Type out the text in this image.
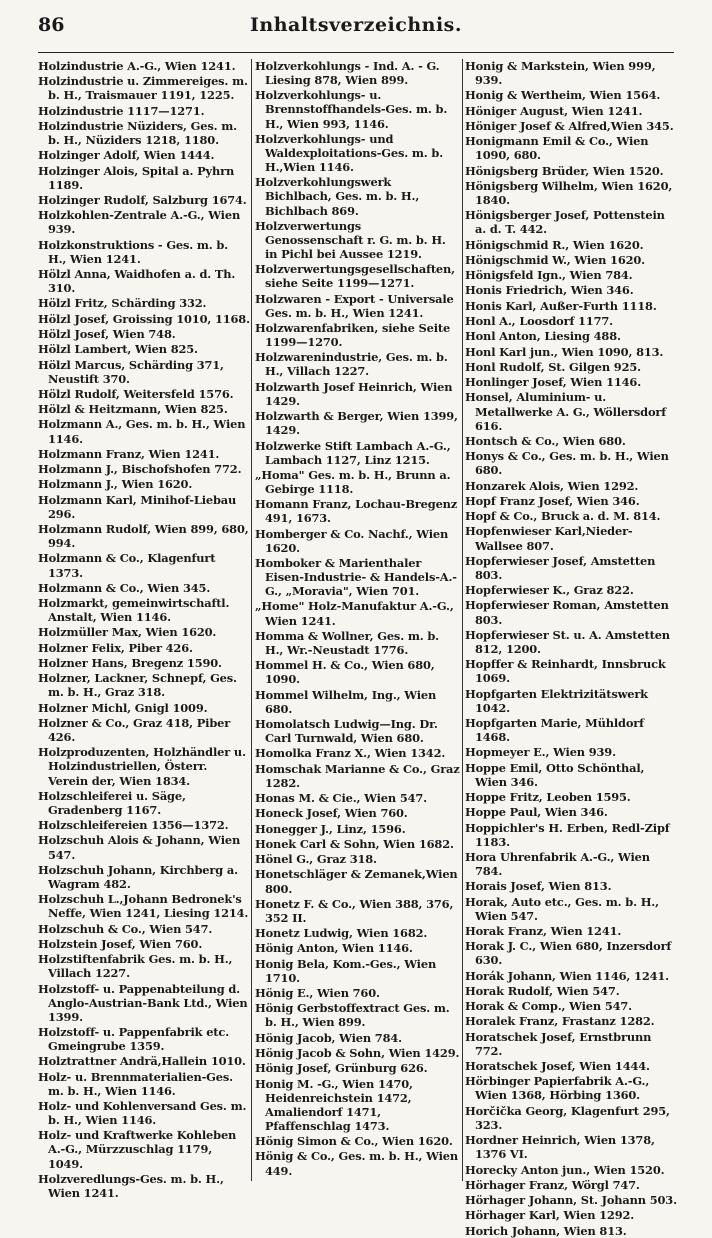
86	Inhaltsverzeichnis.
Holzindustrie A.-G., Wien 1241.
Holzindustrie u. Zimmereiges. m. b. H., Traismauer 1191, 1225.
Holzindustrie 1117—1271.
Holzindustrie Nüziders, Ges. m. b. H., Nüziders 1218, 1180.
Holzinger Adolf, Wien 1444.
Holzinger Alois, Spital a. Pyhrn 1189.
Holzinger Rudolf, Salzburg 1674.
Holzkohlen-Zentrale A.-G., Wien 939.
Holzkonstruktions - Ges. m. b. H., Wien 1241.
Hölzl Anna, Waidhofen a. d. Th. 310.
Hölzl Fritz, Schärding 332.
Hölzl Josef, Groissing 1010, 1168.
Hölzl Josef, Wien 748.
Hölzl Lambert, Wien 825.
Hölzl Marcus, Schärding 371, Neustift 370.
Hölzl Rudolf, Weitersfeld 1576.
Hölzl & Heitzmann, Wien 825.
Holzmann A., Ges. m. b. H., Wien 1146.
Holzmann Franz, Wien 1241.
Holzmann J., Bischofshofen 772.
Holzmann J., Wien 1620.
Holzmann Karl, Minihof-Liebau 296.
Holzmann Rudolf, Wien 899, 680, 994.
Holzmann & Co., Klagenfurt 1373.
Holzmann & Co., Wien 345.
Holzmarkt, gemeinwirtschaftl. Anstalt, Wien 1146.
Holzmüller Max, Wien 1620.
Holzner Felix, Piber 426.
Holzner Hans, Bregenz 1590.
Holzner, Lackner, Schnepf, Ges. m. b. H., Graz 318.
Holzner Michl, Gnigl 1009.
Holzner & Co., Graz 418, Piber 426.
Holzproduzenten, Holzhändler u. Holzindustriellen, Österr. Verein der, Wien 1834.
Holzschleiferei u. Säge, Gradenberg 1167.
Holzschleifereien 1356—1372.
Holzschuh Alois & Johann, Wien 547.
Holzschuh Johann, Kirchberg a. Wagram 482.
Holzschuh L.,Johann Bedronek's Neffe, Wien 1241, Liesing 1214.
Holzschuh & Co., Wien 547.
Holzstein Josef, Wien 760.
Holzstiftenfabrik Ges. m. b. H., Villach 1227.
Holzstoff- u. Pappenabteilung d. Anglo-Austrian-Bank Ltd., Wien 1399.
Holzstoff- u. Pappenfabrik etc. Gmeingrube 1359.
Holztrattner Andrä,Hallein 1010.
Holz- u. Brennmaterialien-Ges. m. b. H., Wien 1146.
Holz- und Kohlenversand Ges. m. b. H., Wien 1146.
Holz- und Kraftwerke Kohleben A.-G., Mürzzuschlag 1179, 1049.
Holzveredlungs-Ges. m. b. H., Wien 1241.
Holzverkohlungs - Ind. A. - G. Liesing 878, Wien 899.
Holzverkohlungs- u. Brennstoffhandels-Ges. m. b. H., Wien 993, 1146.
Holzverkohlungs- und Waldexploitations-Ges. m. b. H.,Wien 1146.
Holzverkohlungswerk Bichlbach, Ges. m. b. H., Bichlbach 869.
Holzverwertungs Genossenschaft r. G. m. b. H. in Pichl bei Aussee 1219.
Holzverwertungsgesellschaften, siehe Seite 1199—1271.
Holzwaren - Export - Universale Ges. m. b. H., Wien 1241.
Holzwarenfabriken, siehe Seite 1199—1270.
Holzwarenindustrie, Ges. m. b. H., Villach 1227.
Holzwarth Josef Heinrich, Wien 1429.
Holzwarth & Berger, Wien 1399, 1429.
Holzwerke Stift Lambach A.-G., Lambach 1127, Linz 1215.
„Homa" Ges. m. b. H., Brunn a. Gebirge 1118.
Homann Franz, Lochau-Bregenz 491, 1673.
Homberger & Co. Nachf., Wien 1620.
Homboker & Marienthaler Eisen-Industrie- & Handels-A.-G., „Moravia", Wien 701.
„Home" Holz-Manufaktur A.-G., Wien 1241.
Homma & Wollner, Ges. m. b. H., Wr.-Neustadt 1776.
Hommel H. & Co., Wien 680, 1090.
Hommel Wilhelm, Ing., Wien 680.
Homolatsch Ludwig—Ing. Dr. Carl Turnwald, Wien 680.
Homolka Franz X., Wien 1342.
Homschak Marianne & Co., Graz 1282.
Honas M. & Cie., Wien 547.
Honeck Josef, Wien 760.
Honegger J., Linz, 1596.
Honek Carl & Sohn, Wien 1682.
Hönel G., Graz 318.
Honetschläger & Zemanek,Wien 800.
Honetz F. & Co., Wien 388, 376, 352 II.
Honetz Ludwig, Wien 1682.
Hönig Anton, Wien 1146.
Honig Bela, Kom.-Ges., Wien 1710.
Hönig E., Wien 760.
Hönig Gerbstoffextract Ges. m. b. H., Wien 899.
Hönig Jacob, Wien 784.
Hönig Jacob & Sohn, Wien 1429.
Hönig Josef, Grünburg 626.
Honig M. -G., Wien 1470, Heidenreichstein 1472, Amaliendorf 1471, Pfaffenschlag 1473.
Hönig Simon & Co., Wien 1620.
Hönig & Co., Ges. m. b. H., Wien 449.
Honig & Markstein, Wien 999, 939.
Honig & Wertheim, Wien 1564.
Höniger August, Wien 1241.
Höniger Josef & Alfred,Wien 345.
Honigmann Emil & Co., Wien 1090, 680.
Hönigsberg Brüder, Wien 1520.
Hönigsberg Wilhelm, Wien 1620, 1840.
Hönigsberger Josef, Pottenstein a. d. T. 442.
Hönigschmid R., Wien 1620.
Hönigschmid W., Wien 1620.
Hönigsfeld Ign., Wien 784.
Honis Friedrich, Wien 346.
Honis Karl, Außer-Furth 1118.
Honl A., Loosdorf 1177.
Honl Anton, Liesing 488.
Honl Karl jun., Wien 1090, 813.
Honl Rudolf, St. Gilgen 925.
Honlinger Josef, Wien 1146.
Honsel, Aluminium- u. Metallwerke A. G., Wöllersdorf 616.
Hontsch & Co., Wien 680.
Honys & Co., Ges. m. b. H., Wien 680.
Honzarek Alois, Wien 1292.
Hopf Franz Josef, Wien 346.
Hopf & Co., Bruck a. d. M. 814.
Hopfenwieser Karl,Nieder-Wallsee 807.
Hopferwieser Josef, Amstetten 803.
Hopferwieser K., Graz 822.
Hopferwieser Roman, Amstetten 803.
Hopferwieser St. u. A. Amstetten 812, 1200.
Hopffer & Reinhardt, Innsbruck 1069.
Hopfgarten Elektrizitätswerk 1042.
Hopfgarten Marie, Mühldorf 1468.
Hopmeyer E., Wien 939.
Hoppe Emil, Otto Schönthal, Wien 346.
Hoppe Fritz, Leoben 1595.
Hoppe Paul, Wien 346.
Hoppichler's H. Erben, Redl-Zipf 1183.
Hora Uhrenfabrik A.-G., Wien 784.
Horais Josef, Wien 813.
Horak, Auto etc., Ges. m. b. H., Wien 547.
Horak Franz, Wien 1241.
Horak J. C., Wien 680, Inzersdorf 630.
Horák Johann, Wien 1146, 1241.
Horak Rudolf, Wien 547.
Horak & Comp., Wien 547.
Horalek Franz, Frastanz 1282.
Horatschek Josef, Ernstbrunn 772.
Horatschek Josef, Wien 1444.
Hörbinger Papierfabrik A.-G., Wien 1368, Hörbing 1360.
Horčička Georg, Klagenfurt 295, 323.
Hordner Heinrich, Wien 1378, 1376 VI.
Horecky Anton jun., Wien 1520.
Hörhager Franz, Wörgl 747.
Hörhager Johann, St. Johann 503.
Hörhager Karl, Wien 1292.
Horich Johann, Wien 813.
